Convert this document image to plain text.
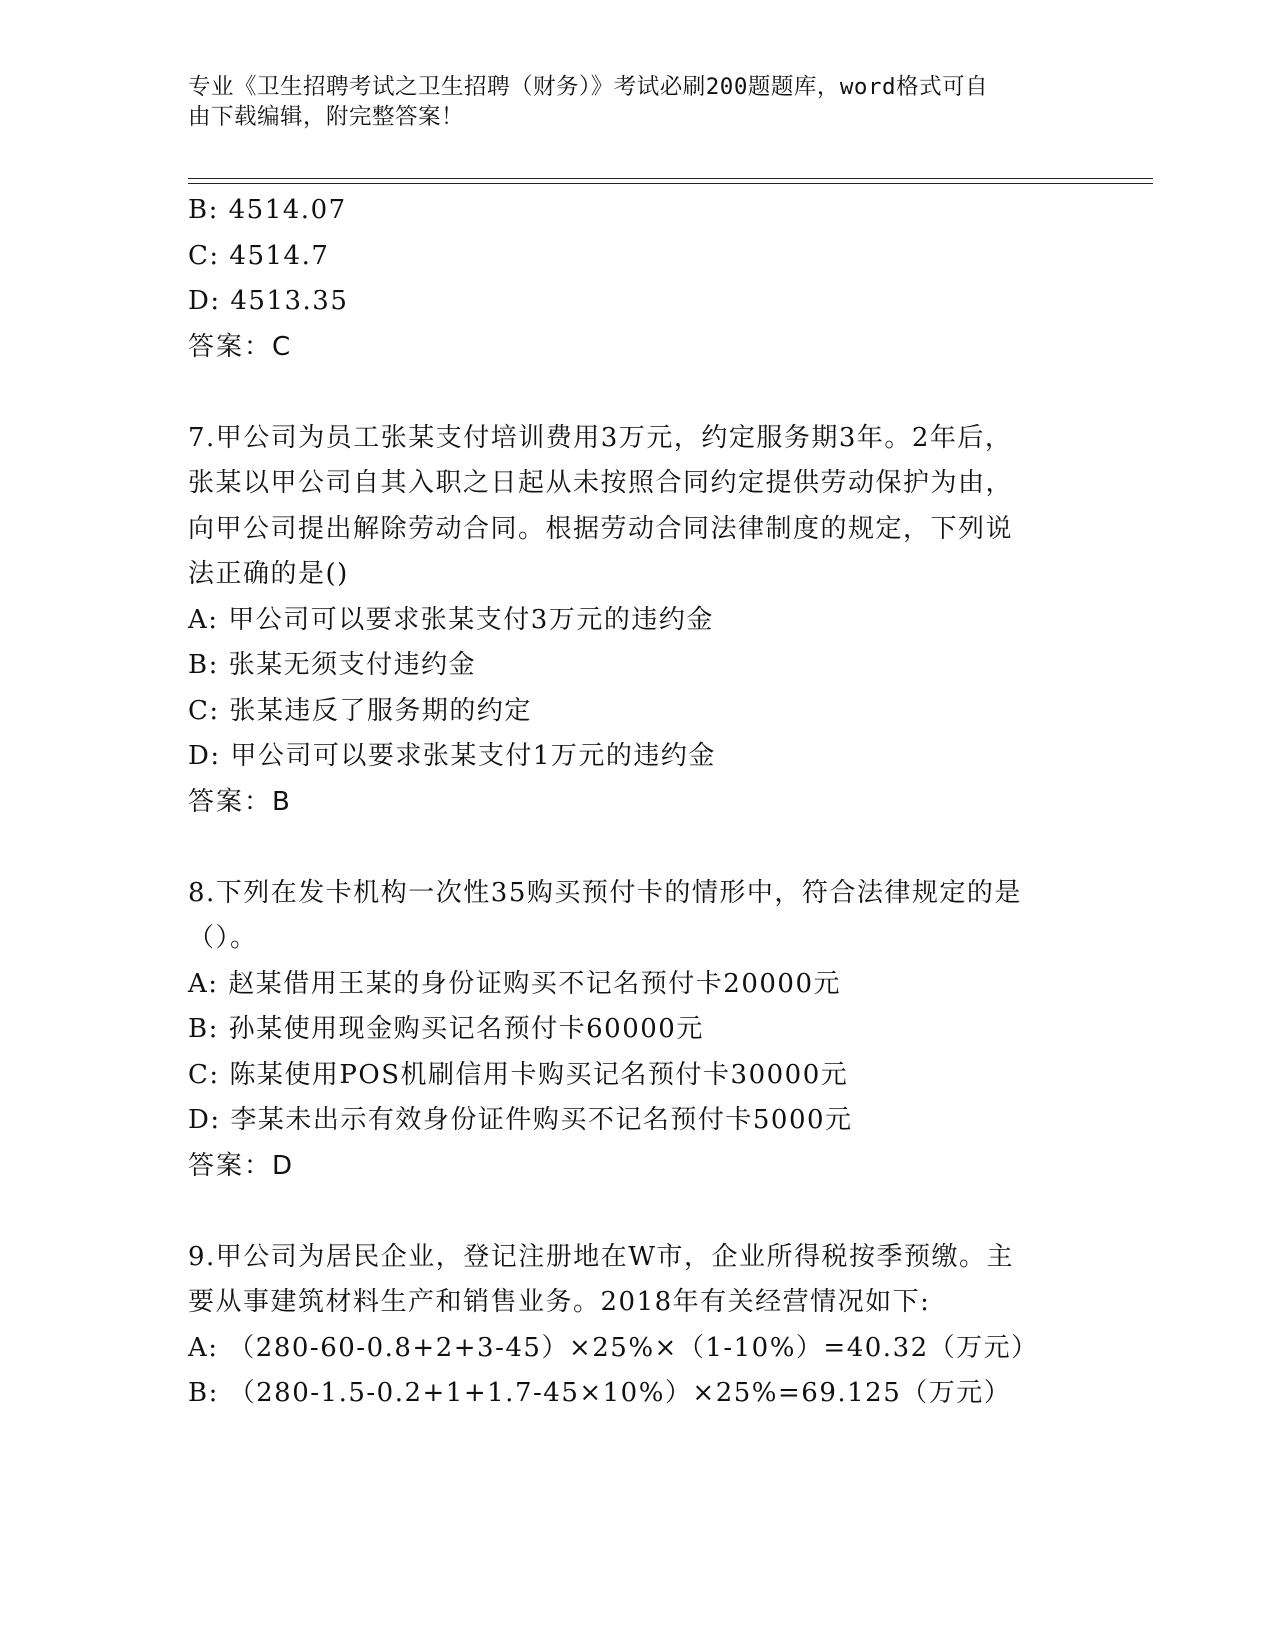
专业《卫生招聘考试之卫生招聘（财务）》考试必刷200题题库，word格式可自
由下载编辑，附完整答案！
B: 4514.07
C: 4514.7
D: 4513.35
答案：C
7.甲公司为员工张某支付培训费用3万元，约定服务期3年。2年后，
张某以甲公司自其入职之日起从未按照合同约定提供劳动保护为由，
向甲公司提出解除劳动合同。根据劳动合同法律制度的规定，下列说
法正确的是()
A: 甲公司可以要求张某支付3万元的违约金
B: 张某无须支付违约金
C: 张某违反了服务期的约定
D: 甲公司可以要求张某支付1万元的违约金
答案：B
8.下列在发卡机构一次性35购买预付卡的情形中，符合法律规定的是
（）。
A: 赵某借用王某的身份证购买不记名预付卡20000元
B: 孙某使用现金购买记名预付卡60000元
C: 陈某使用POS机刷信用卡购买记名预付卡30000元
D: 李某未出示有效身份证件购买不记名预付卡5000元
答案：D
9.甲公司为居民企业，登记注册地在W市，企业所得税按季预缴。主
要从事建筑材料生产和销售业务。2018年有关经营情况如下:
A: （280-60-0.8+2+3-45）×25%×（1-10%）=40.32（万元）
B: （280-1.5-0.2+1+1.7-45×10%）×25%=69.125（万元）
